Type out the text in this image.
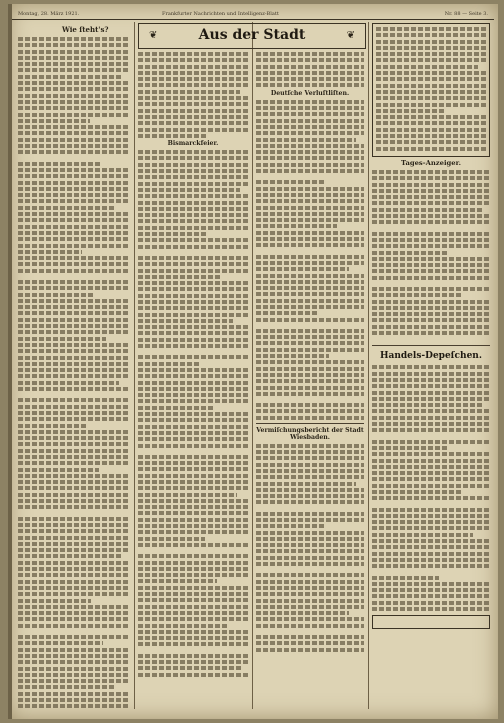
Montag, 28. März 1921.	Frankfurter Nachrichten und Intelligenz-Blatt	Nr. 88 — Seite 3.
❦	Aus der Stadt	❦
Wie ſteht's?
Bismarckfeier.
Deutſche Verluſtliſten.
Vermiſchungsbericht der Stadt Wiesbaden.
Tages-Anzeiger.
Handels-Depeſchen.
